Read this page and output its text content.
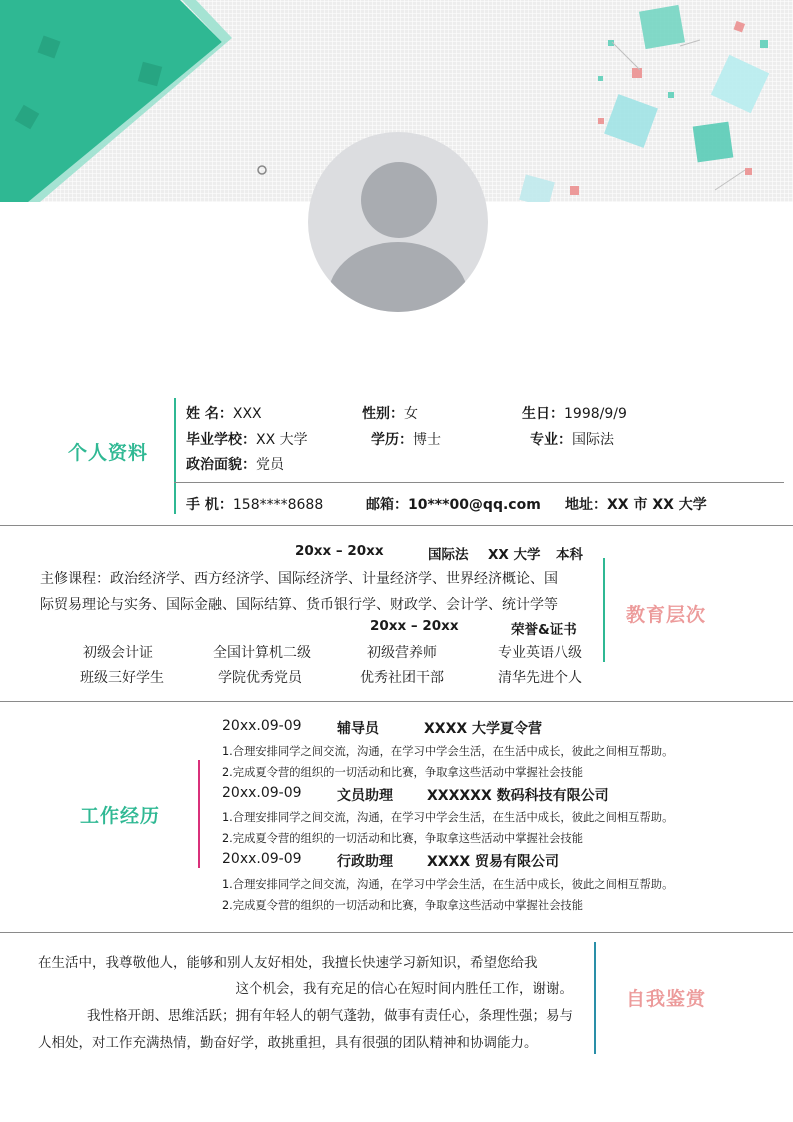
个人资料
姓 名：XXX	性别：女	生日：1998/9/9
毕业学校：XX 大学	学历：博士	专业：国际法
政治面貌：党员
手 机：158****8688	邮箱：10***00@qq.com 地址：XX 市 XX 大学
20xx – 20xx	国际法 XX 大学 本科
主修课程：政治经济学、西方经济学、国际经济学、计量经济学、世界经济概论、国
际贸易理论与实务、国际金融、国际结算、货币银行学、财政学、会计学、统计学等
20xx – 20xx	荣誉&证书
初级会计证	全国计算机二级	初级营养师	专业英语八级
班级三好学生	学院优秀党员	优秀社团干部	清华先进个人
教育层次
工作经历
20xx.09-09	辅导员	XXXX 大学夏令营
1.合理安排同学之间交流，沟通，在学习中学会生活，在生活中成长，彼此之间相互帮助。
2.完成夏令营的组织的一切活动和比赛，争取拿这些活动中掌握社会技能
20xx.09-09	文员助理 XXXXXX 数码科技有限公司
1.合理安排同学之间交流，沟通，在学习中学会生活，在生活中成长，彼此之间相互帮助。
2.完成夏令营的组织的一切活动和比赛，争取拿这些活动中掌握社会技能
20xx.09-09	行政助理 XXXX 贸易有限公司
1.合理安排同学之间交流，沟通，在学习中学会生活，在生活中成长，彼此之间相互帮助。
2.完成夏令营的组织的一切活动和比赛，争取拿这些活动中掌握社会技能
在生活中，我尊敬他人，能够和别人友好相处，我擅长快速学习新知识，希望您给我
这个机会，我有充足的信心在短时间内胜任工作，谢谢。
我性格开朗、思维活跃；拥有年轻人的朝气蓬勃，做事有责任心，条理性强；易与
人相处，对工作充满热情，勤奋好学，敢挑重担，具有很强的团队精神和协调能力。
自我鉴赏
